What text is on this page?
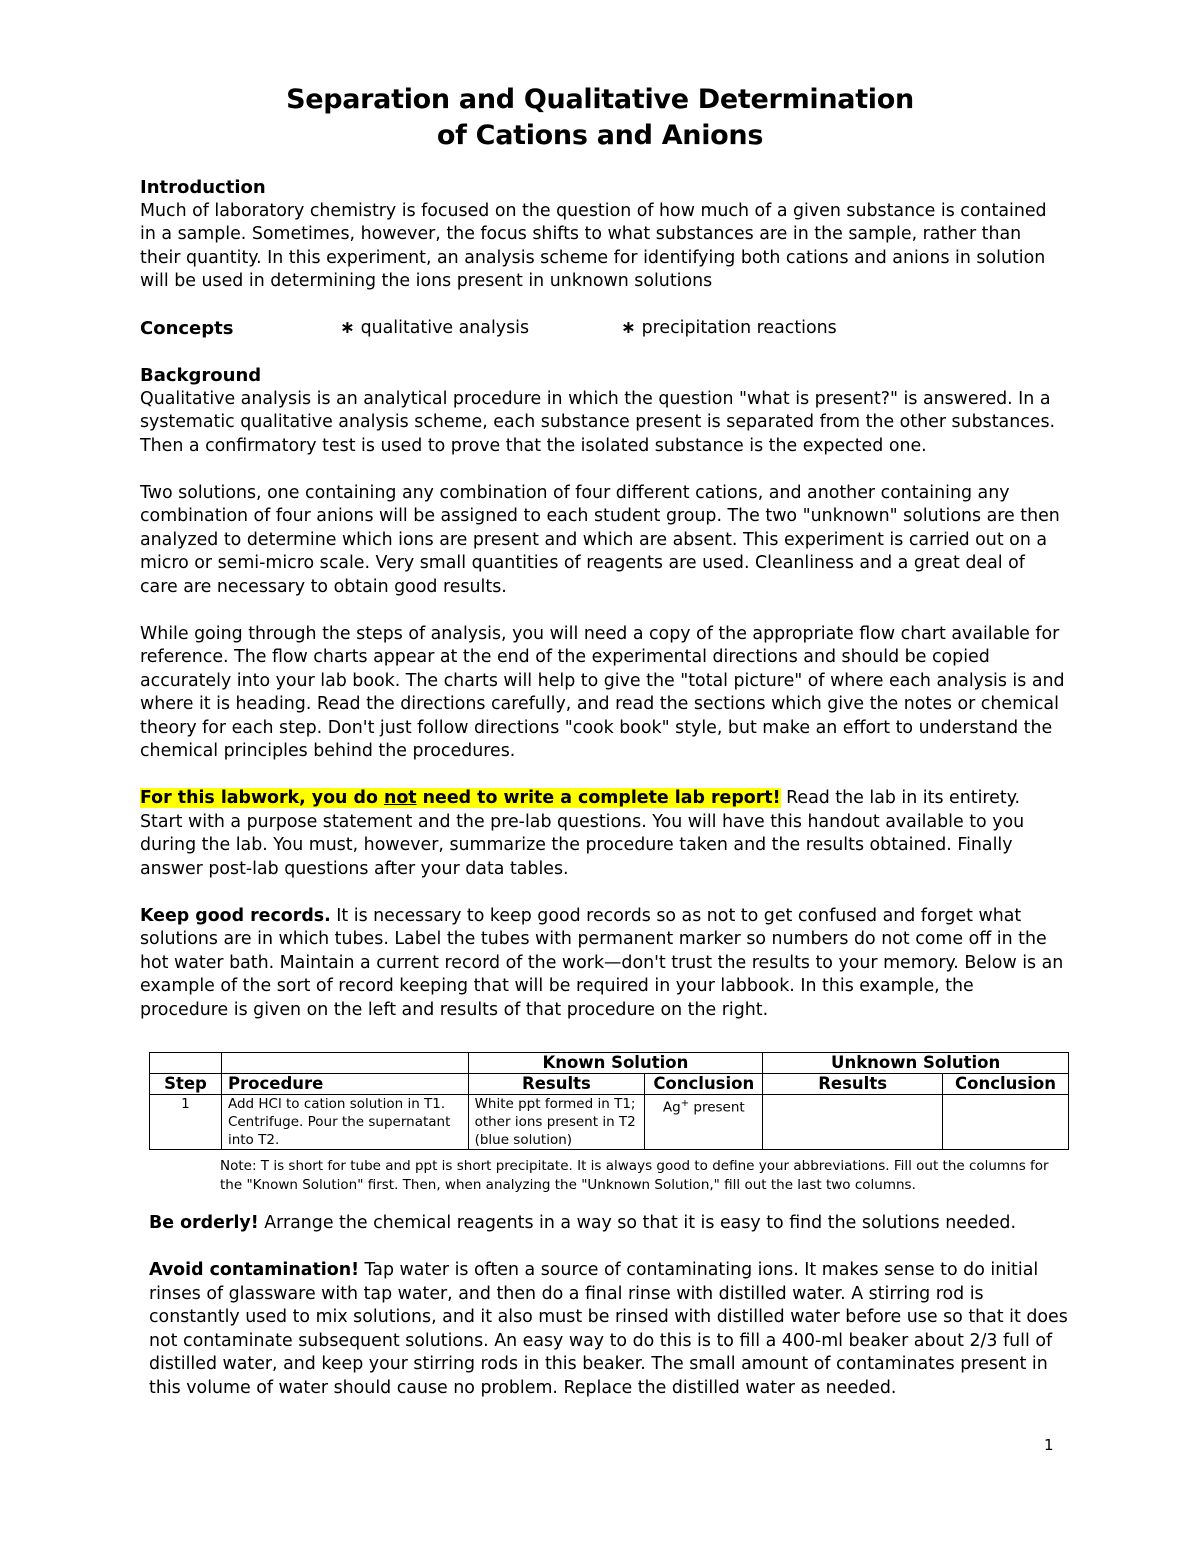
Separation and Qualitative Determination
of Cations and Anions

Introduction

Much of laboratory chemistry is focused on the question of how much of a given substance is contained in a sample. Sometimes, however, the focus shifts to what substances are in the sample, rather than their quantity. In this experiment, an analysis scheme for identifying both cations and anions in solution will be used in determining the ions present in unknown solutions

Concepts	∗ qualitative analysis	∗ precipitation reactions

Background

Qualitative analysis is an analytical procedure in which the question "what is present?" is answered. In a systematic qualitative analysis scheme, each substance present is separated from the other substances. Then a confirmatory test is used to prove that the isolated substance is the expected one.

Two solutions, one containing any combination of four different cations, and another containing any combination of four anions will be assigned to each student group. The two "unknown" solutions are then analyzed to determine which ions are present and which are absent. This experiment is carried out on a micro or semi-micro scale. Very small quantities of reagents are used. Cleanliness and a great deal of care are necessary to obtain good results.

While going through the steps of analysis, you will need a copy of the appropriate flow chart available for reference. The flow charts appear at the end of the experimental directions and should be copied accurately into your lab book. The charts will help to give the "total picture" of where each analysis is and where it is heading. Read the directions carefully, and read the sections which give the notes or chemical theory for each step. Don't just follow directions "cook book" style, but make an effort to understand the chemical principles behind the procedures.

For this labwork, you do not need to write a complete lab report! Read the lab in its entirety. Start with a purpose statement and the pre-lab questions. You will have this handout available to you during the lab. You must, however, summarize the procedure taken and the results obtained. Finally answer post-lab questions after your data tables.

Keep good records. It is necessary to keep good records so as not to get confused and forget what solutions are in which tubes. Label the tubes with permanent marker so numbers do not come off in the hot water bath. Maintain a current record of the work—don't trust the results to your memory. Below is an example of the sort of record keeping that will be required in your labbook. In this example, the procedure is given on the left and results of that procedure on the right.

		Known Solution		Unknown Solution	
Step	Procedure	Results	Conclusion	Results	Conclusion
1	Add HCl to cation solution in T1. Centrifuge. Pour the supernatant into T2.	White ppt formed in T1; other ions present in T2 (blue solution)	Ag+ present		
Note: T is short for tube and ppt is short precipitate. It is always good to define your abbreviations. Fill out the columns for the "Known Solution" first. Then, when analyzing the "Unknown Solution," fill out the last two columns.

Be orderly! Arrange the chemical reagents in a way so that it is easy to find the solutions needed.

Avoid contamination! Tap water is often a source of contaminating ions. It makes sense to do initial rinses of glassware with tap water, and then do a final rinse with distilled water. A stirring rod is constantly used to mix solutions, and it also must be rinsed with distilled water before use so that it does not contaminate subsequent solutions. An easy way to do this is to fill a 400-ml beaker about 2/3 full of distilled water, and keep your stirring rods in this beaker. The small amount of contaminates present in this volume of water should cause no problem. Replace the distilled water as needed.

1
